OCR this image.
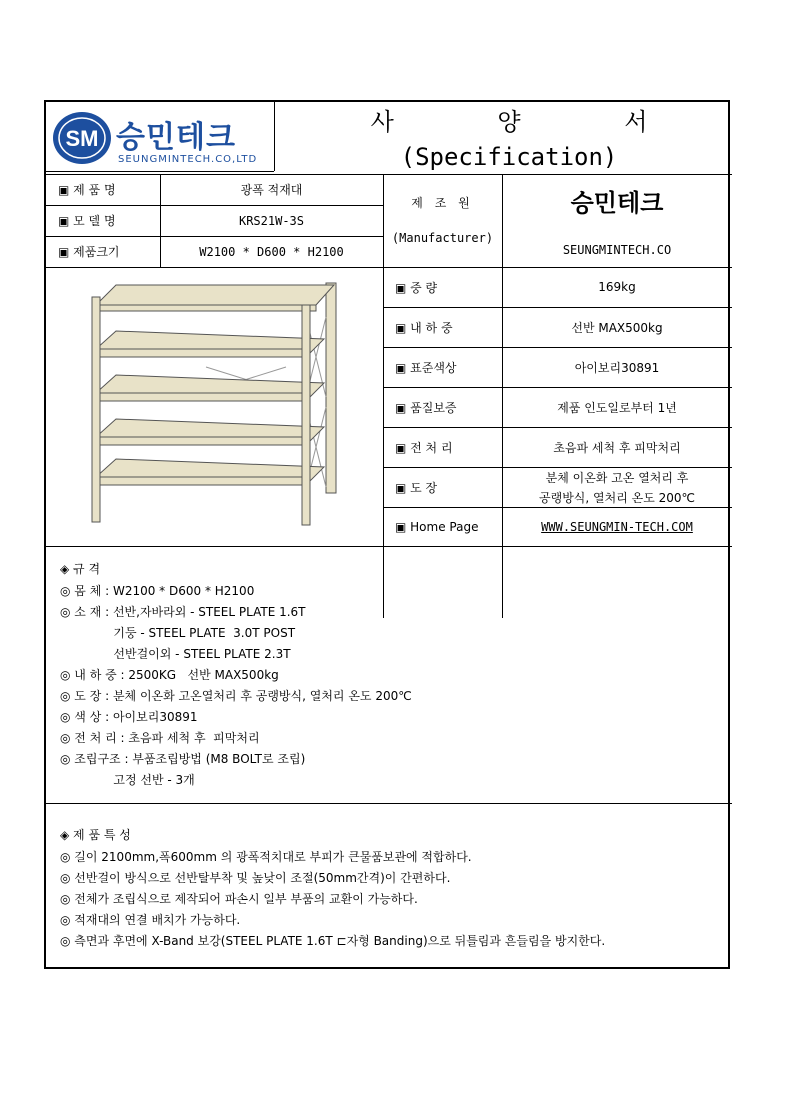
SM 승민테크
SEUNGMINTECH.CO,LTD
사 양 서
(Specification)
▣ 제 품 명	광폭 적재대
▣ 모 델 명	KRS21W-3S
▣ 제품크기	W2100 * D600 * H2100
제 조 원
(Manufacturer)
승민테크
SEUNGMINTECH.CO
▣ 중 량	169kg
▣ 내 하 중	선반 MAX500kg
▣ 표준색상	아이보리30891
▣ 품질보증	제품 인도일로부터 1년
▣ 전 처 리	초음파 세척 후 피막처리
▣ 도 장
분체 이온화 고온 열처리 후
공랭방식, 열처리 온도 200℃
▣ Home Page	WWW.SEUNGMIN-TECH.COM
◈ 규 격
◎ 몸 체 : W2100 * D600 * H2100
◎ 소 재 : 선반,자바라외 - STEEL PLATE 1.6T
기둥 - STEEL PLATE  3.0T POST
선반걸이외 - STEEL PLATE 2.3T
◎ 내 하 중 : 2500KG   선반 MAX500kg
◎ 도 장 : 분체 이온화 고온열처리 후 공랭방식, 열처리 온도 200℃
◎ 색 상 : 아이보리30891
◎ 전 처 리 : 초음파 세척 후  피막처리
◎ 조립구조 : 부품조립방법 (M8 BOLT로 조립)
고정 선반 - 3개
◈ 제 품 특 성
◎ 길이 2100mm,폭600mm 의 광폭적치대로 부피가 큰물품보관에 적합하다.
◎ 선반걸이 방식으로 선반탈부착 및 높낮이 조절(50mm간격)이 간편하다.
◎ 전체가 조립식으로 제작되어 파손시 일부 부품의 교환이 가능하다.
◎ 적재대의 연결 배치가 가능하다.
◎ 측면과 후면에 X-Band 보강(STEEL PLATE 1.6T ⊏자형 Banding)으로 뒤틀림과 흔들림을 방지한다.
